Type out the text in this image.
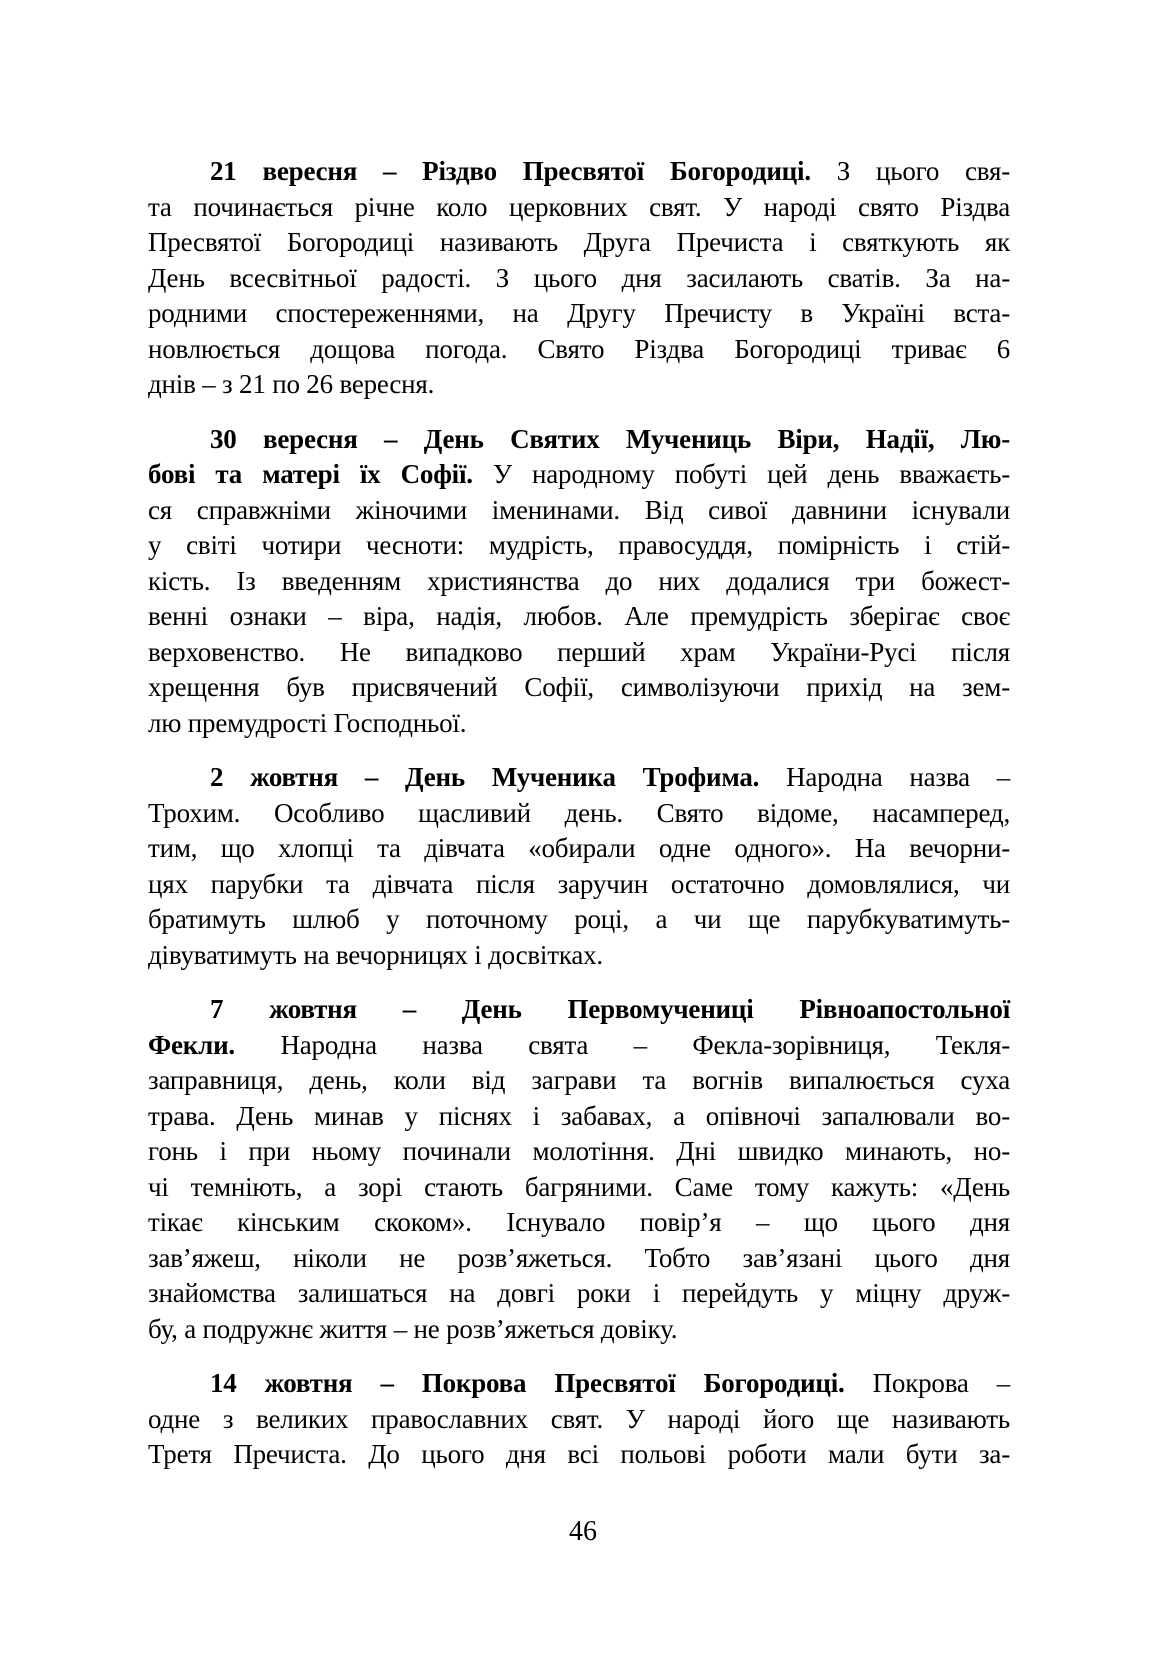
21 вересня – Різдво Пресвятої Богородиці. З цього свя-
та починається річне коло церковних свят. У народі свято Різдва
Пресвятої Богородиці називають Друга Пречиста і святкують як
День всесвітньої радості. З цього дня засилають сватів. За на-
родними спостереженнями, на Другу Пречисту в Україні вста-
новлюється дощова погода. Свято Різдва Богородиці триває 6
днів – з 21 по 26 вересня.
30 вересня – День Святих Мучениць Віри, Надії, Лю-
бові та матері їх Софії. У народному побуті цей день вважаєть-
ся справжніми жіночими іменинами. Від сивої давнини існували
у світі чотири чесноти: мудрість, правосуддя, помірність і стій-
кість. Із введенням християнства до них додалися три божест-
венні ознаки – віра, надія, любов. Але премудрість зберігає своє
верховенство. Не випадково перший храм України-Русі після
хрещення був присвячений Софії, символізуючи прихід на зем-
лю премудрості Господньої.
2 жовтня – День Мученика Трофима. Народна назва –
Трохим. Особливо щасливий день. Свято відоме, насамперед,
тим, що хлопці та дівчата «обирали одне одного». На вечорни-
цях парубки та дівчата після заручин остаточно домовлялися, чи
братимуть шлюб у поточному році, а чи ще парубкуватимуть-
дівуватимуть на вечорницях і досвітках.
7 жовтня – День Первомучениці Рівноапостольної
Фекли. Народна назва свята – Фекла-зорівниця, Текля-
заправниця, день, коли від заграви та вогнів випалюється суха
трава. День минав у піснях і забавах, а опівночі запалювали во-
гонь і при ньому починали молотіння. Дні швидко минають, но-
чі темніють, а зорі стають багряними. Саме тому кажуть: «День
тікає кінським скоком». Існувало повір’я – що цього дня
зав’яжеш, ніколи не розв’яжеться. Тобто зав’язані цього дня
знайомства залишаться на довгі роки і перейдуть у міцну друж-
бу, а подружнє життя – не розв’яжеться довіку.
14 жовтня – Покрова Пресвятої Богородиці. Покрова –
одне з великих православних свят. У народі його ще називають
Третя Пречиста. До цього дня всі польові роботи мали бути за-
46
